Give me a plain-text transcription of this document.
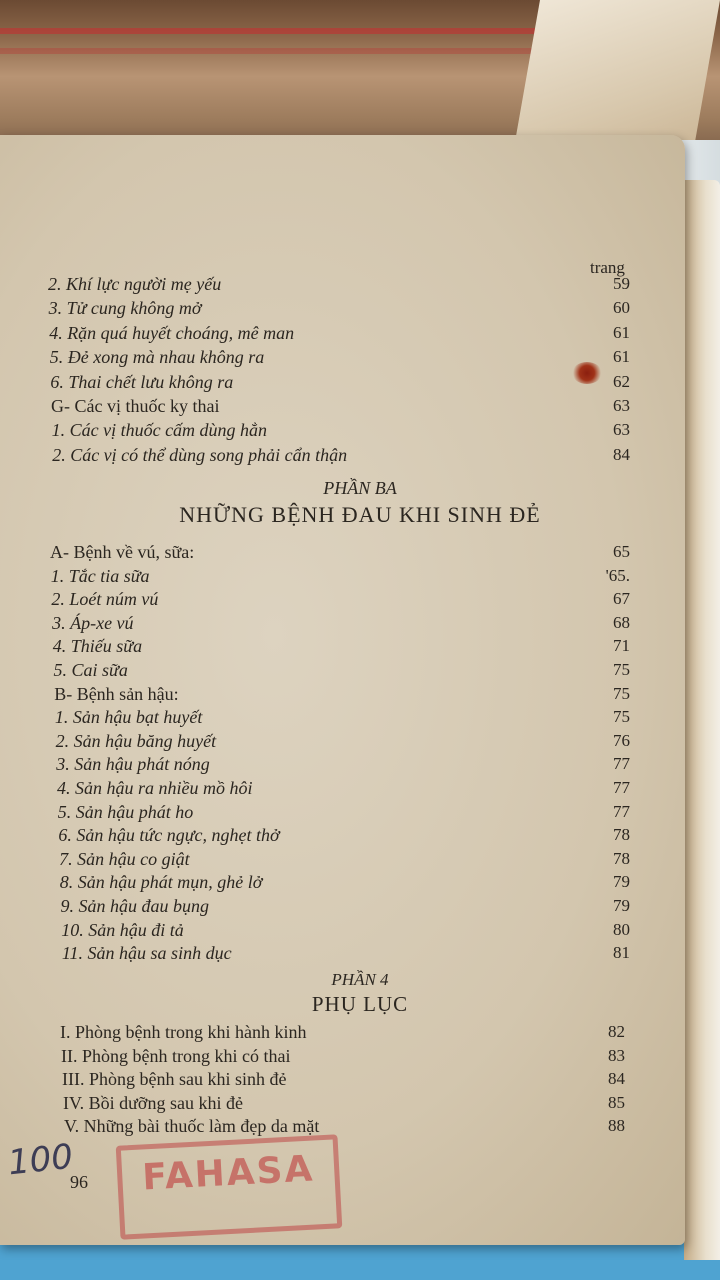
trang
2. Khí lực người mẹ yếu	59
3. Tử cung không mở	60
4. Rặn quá huyết choáng, mê man	61
5. Đẻ xong mà nhau không ra	61
6. Thai chết lưu không ra	62
G- Các vị thuốc ky thai	63
1. Các vị thuốc cấm dùng hẳn	63
2. Các vị có thể dùng song phải cẩn thận	84
PHẦN BA
NHỮNG BỆNH ĐAU KHI SINH ĐẺ
A- Bệnh về vú, sữa:	65
1. Tắc tia sữa	'65.
2. Loét núm vú	67
3. Áp-xe vú	68
4. Thiếu sữa	71
5. Cai sữa	75
B- Bệnh sản hậu:	75
1. Sản hậu bạt huyết	75
2. Sản hậu băng huyết	76
3. Sản hậu phát nóng	77
4. Sản hậu ra nhiều mồ hôi	77
5. Sản hậu phát ho	77
6. Sản hậu tức ngực, nghẹt thở	78
7. Sản hậu co giật	78
8. Sản hậu phát mụn, ghẻ lở	79
9. Sản hậu đau bụng	79
10. Sản hậu đi tả	80
11. Sản hậu sa sinh dục	81
PHẦN 4
PHỤ LỤC
I. Phòng bệnh trong khi hành kinh	82
II. Phòng bệnh trong khi có thai	83
III. Phòng bệnh sau khi sinh đẻ	84
IV. Bồi dưỡng sau khi đẻ	85
V. Những bài thuốc làm đẹp da mặt	88
100
96 FAHASA
